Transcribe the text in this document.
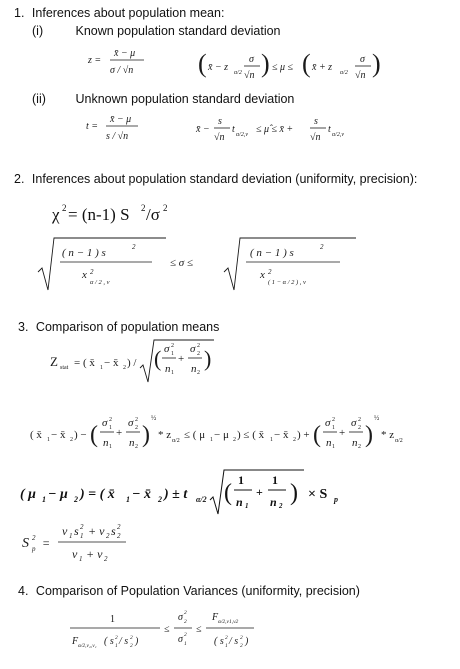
1. Inferences about population mean:
(i)	Known population standard deviation
z =
x̄ − μ
σ / √n ( x̄ − z α/2
σ
√n ) ≤ μ ≤ ( x̄ + z α/2
σ
√n )
(ii) Unknown population standard deviation
t =
x̄ − μ
s / √n
x̄ −
s
√n
t α/2,ν ≤ μ̂ ≤ x̄ +
s
√n
t α/2,ν
2. Inferences about population standard deviation (uniformity, precision):
χ 2 = (n-1) S 2 /σ 2
( n − 1 ) s	2
x 2
α / 2 , ν
≤ σ ≤
( n − 1 ) s	2
x 2
( 1 − α / 2 ) , ν
3. Comparison of population means
Z stat = ( x̄ 1 − x̄ 2 ) / ( σ 2
1
n 1
+
σ 2
2
n 2
)
( x̄ 1 − x̄ 2 ) − ( σ 2
1
n 1
+
σ 2
2
n 2 )
½
* z α/2 ≤ ( μ 1 − μ 2 ) ≤ ( x̄ 1 − x̄ 2 ) + ( σ 2
1
n 1
+
σ 2
2
n 2 )
½
* z α/2
( μ 1 − μ 2 ) = ( x̄ 1 − x̄ 2 ) ± t α/2 ( 1
n 1
+
1
n 2 ) × S p
S 2
p =
ν 1 s 2
1 + ν 2 s 2
2
ν 1 + ν 2
4. Comparison of Population Variances (uniformity, precision)
1
F α/2,ν₂,ν₁ ( s 2
1 / s 2
2 )
≤
σ 2
2
σ 2
1
≤
F α/2,ν1,ν2
( s 2
1 / s 2
2 )
